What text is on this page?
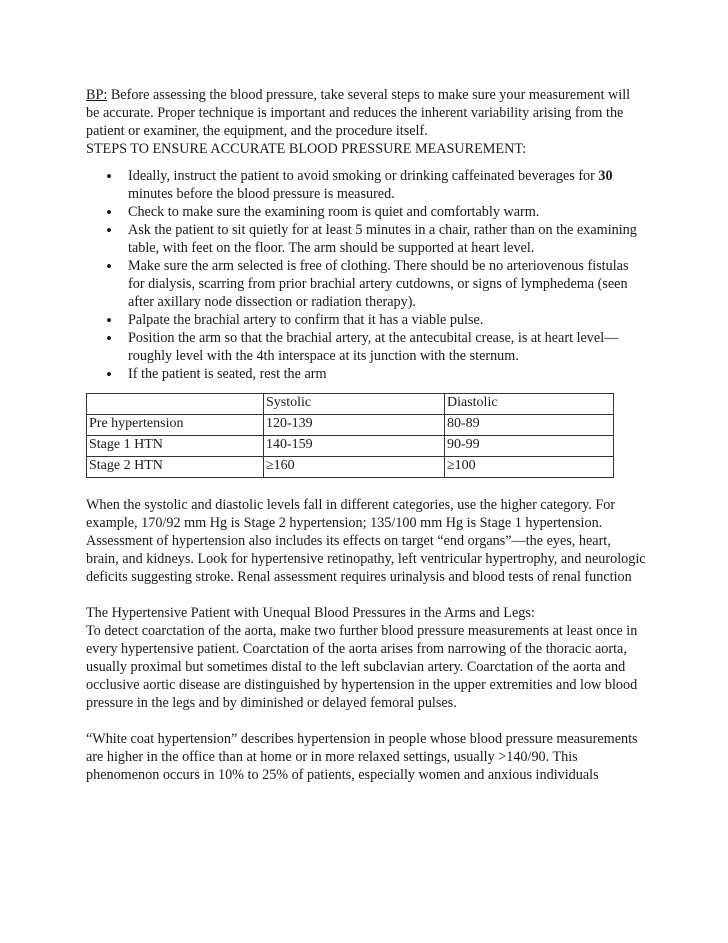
BP: Before assessing the blood pressure, take several steps to make sure your measurement will be accurate. Proper technique is important and reduces the inherent variability arising from the patient or examiner, the equipment, and the procedure itself.

STEPS TO ENSURE ACCURATE BLOOD PRESSURE MEASUREMENT:

• Ideally, instruct the patient to avoid smoking or drinking caffeinated beverages for 30 minutes before the blood pressure is measured.
• Check to make sure the examining room is quiet and comfortably warm.
• Ask the patient to sit quietly for at least 5 minutes in a chair, rather than on the examining table, with feet on the floor. The arm should be supported at heart level.
• Make sure the arm selected is free of clothing. There should be no arteriovenous fistulas for dialysis, scarring from prior brachial artery cutdowns, or signs of lymphedema (seen after axillary node dissection or radiation therapy).
• Palpate the brachial artery to confirm that it has a viable pulse.
• Position the arm so that the brachial artery, at the antecubital crease, is at heart level—roughly level with the 4th interspace at its junction with the sternum.
• If the patient is seated, rest the arm
	Systolic	Diastolic
Pre hypertension	120-139	80-89
Stage 1 HTN	140-159	90-99
Stage 2 HTN	≥160	≥100

When the systolic and diastolic levels fall in different categories, use the higher category. For example, 170/92 mm Hg is Stage 2 hypertension; 135/100 mm Hg is Stage 1 hypertension. Assessment of hypertension also includes its effects on target “end organs”—the eyes, heart, brain, and kidneys. Look for hypertensive retinopathy, left ventricular hypertrophy, and neurologic deficits suggesting stroke. Renal assessment requires urinalysis and blood tests of renal function

The Hypertensive Patient with Unequal Blood Pressures in the Arms and Legs:

To detect coarctation of the aorta, make two further blood pressure measurements at least once in every hypertensive patient. Coarctation of the aorta arises from narrowing of the thoracic aorta, usually proximal but sometimes distal to the left subclavian artery. Coarctation of the aorta and occlusive aortic disease are distinguished by hypertension in the upper extremities and low blood pressure in the legs and by diminished or delayed femoral pulses.

“White coat hypertension” describes hypertension in people whose blood pressure measurements are higher in the office than at home or in more relaxed settings, usually >140/90. This phenomenon occurs in 10% to 25% of patients, especially women and anxious individuals
